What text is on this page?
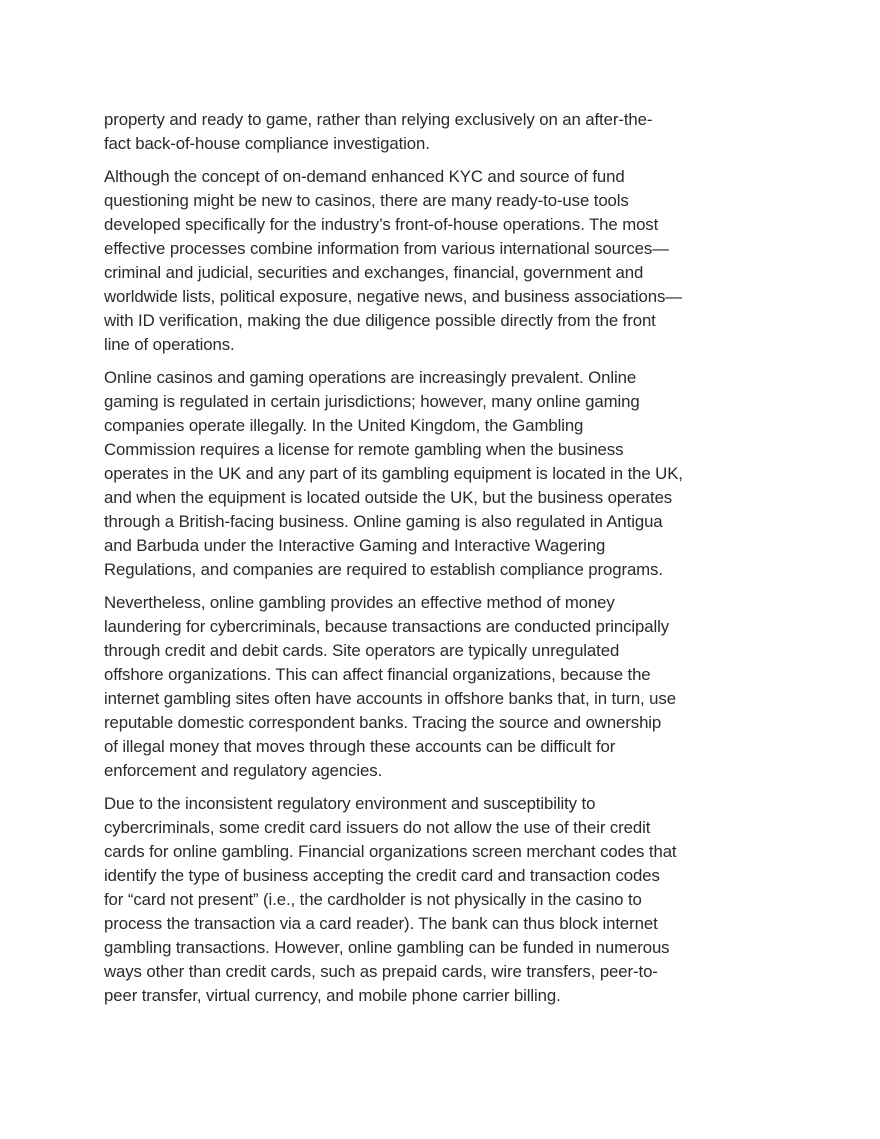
property and ready to game, rather than relying exclusively on an after-the-
fact back-of-house compliance investigation.

Although the concept of on-demand enhanced KYC and source of fund
questioning might be new to casinos, there are many ready-to-use tools
developed specifically for the industry’s front-of-house operations. The most
effective processes combine information from various international sources—
criminal and judicial, securities and exchanges, financial, government and
worldwide lists, political exposure, negative news, and business associations—
with ID verification, making the due diligence possible directly from the front
line of operations.

Online casinos and gaming operations are increasingly prevalent. Online
gaming is regulated in certain jurisdictions; however, many online gaming
companies operate illegally. In the United Kingdom, the Gambling
Commission requires a license for remote gambling when the business
operates in the UK and any part of its gambling equipment is located in the UK,
and when the equipment is located outside the UK, but the business operates
through a British-facing business. Online gaming is also regulated in Antigua
and Barbuda under the Interactive Gaming and Interactive Wagering
Regulations, and companies are required to establish compliance programs.

Nevertheless, online gambling provides an effective method of money
laundering for cybercriminals, because transactions are conducted principally
through credit and debit cards. Site operators are typically unregulated
offshore organizations. This can affect financial organizations, because the
internet gambling sites often have accounts in offshore banks that, in turn, use
reputable domestic correspondent banks. Tracing the source and ownership
of illegal money that moves through these accounts can be difficult for
enforcement and regulatory agencies.

Due to the inconsistent regulatory environment and susceptibility to
cybercriminals, some credit card issuers do not allow the use of their credit
cards for online gambling. Financial organizations screen merchant codes that
identify the type of business accepting the credit card and transaction codes
for “card not present” (i.e., the cardholder is not physically in the casino to
process the transaction via a card reader). The bank can thus block internet
gambling transactions. However, online gambling can be funded in numerous
ways other than credit cards, such as prepaid cards, wire transfers, peer-to-
peer transfer, virtual currency, and mobile phone carrier billing.
